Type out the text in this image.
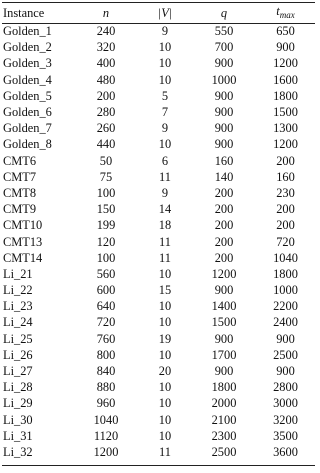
Instance	n	|V|	q	$t_{max}$
Golden_1	240	9	550	650
Golden_2	320	10	700	900
Golden_3	400	10	900	1200
Golden_4	480	10	1000	1600
Golden_5	200	5	900	1800
Golden_6	280	7	900	1500
Golden_7	260	9	900	1300
Golden_8	440	10	900	1200
CMT6	50	6	160	200
CMT7	75	11	140	160
CMT8	100	9	200	230
CMT9	150	14	200	200
CMT10	199	18	200	200
CMT13	120	11	200	720
CMT14	100	11	200	1040
Li_21	560	10	1200	1800
Li_22	600	15	900	1000
Li_23	640	10	1400	2200
Li_24	720	10	1500	2400
Li_25	760	19	900	900
Li_26	800	10	1700	2500
Li_27	840	20	900	900
Li_28	880	10	1800	2800
Li_29	960	10	2000	3000
Li_30	1040	10	2100	3200
Li_31	1120	10	2300	3500
Li_32	1200	11	2500	3600
